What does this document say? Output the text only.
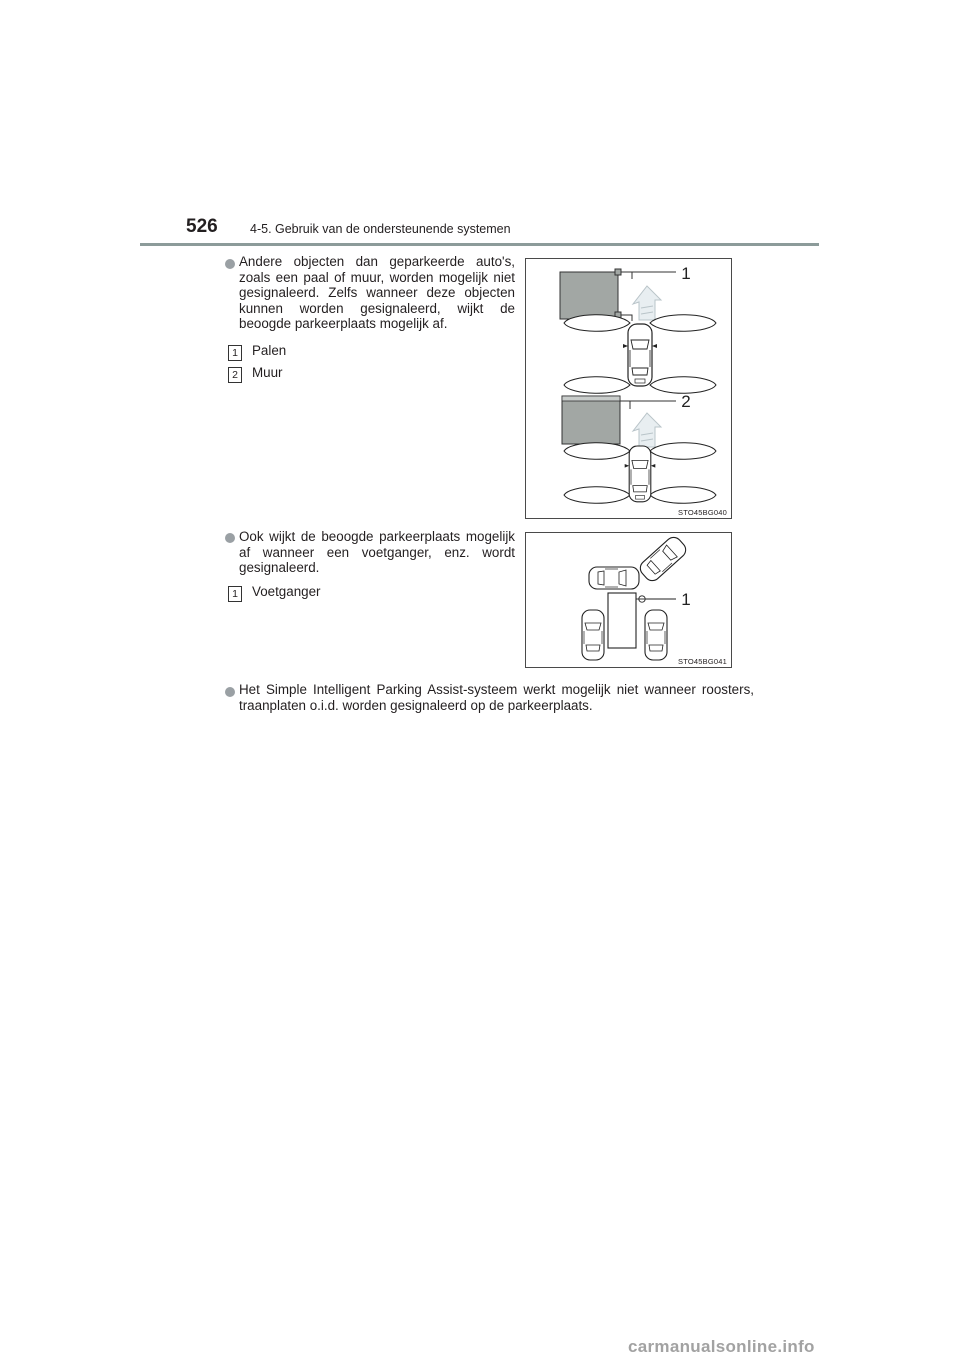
526	4-5. Gebruik van de ondersteunende systemen
Andere objecten dan geparkeerde auto's, zoals een paal of muur, worden mogelijk niet gesignaleerd. Zelfs wanneer deze objecten kunnen worden gesignaleerd, wijkt de beoogde parkeerplaats mogelijk af.
1 Palen
2 Muur
1
2
STO45BG040
Ook wijkt de beoogde parkeerplaats mogelijk af wanneer een voetganger, enz. wordt gesignaleerd.
1 Voetganger	1
STO45BG041
Het Simple Intelligent Parking Assist-systeem werkt mogelijk niet wanneer roosters, traanplaten o.i.d. worden gesignaleerd op de parkeerplaats.
carmanualsonline.info
